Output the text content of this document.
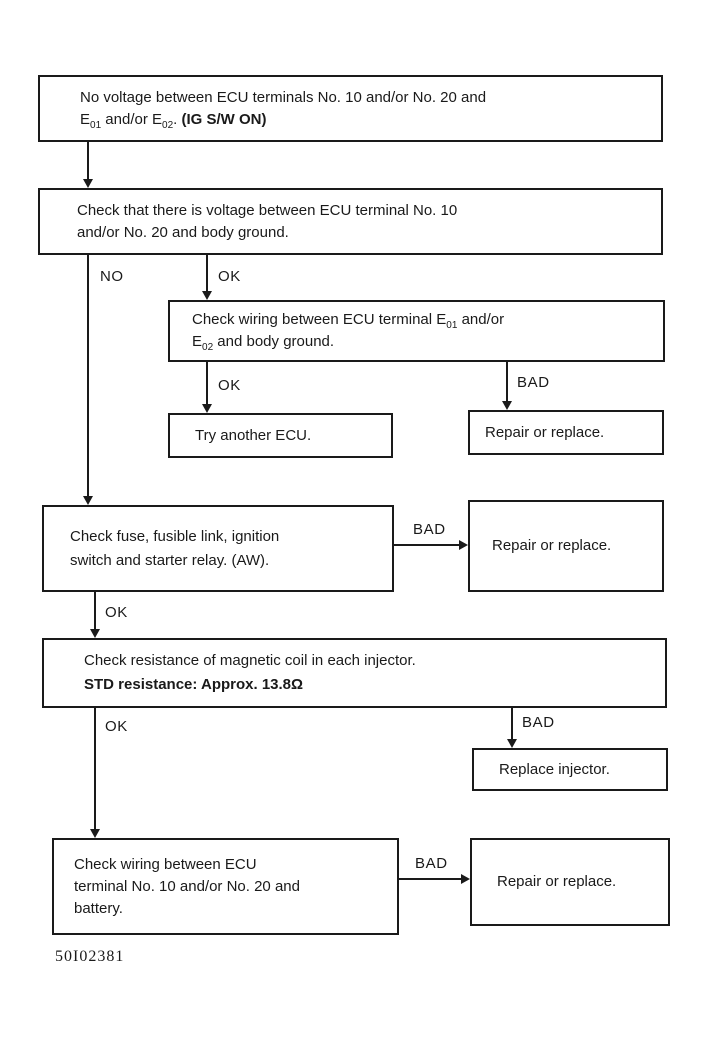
No voltage between ECU terminals No. 10 and/or No. 20 and
$E_{01}$ and/or $E_{02}$. (IG S/W ON)
Check that there is voltage between ECU terminal No. 10
and/or No. 20 and body ground.
NO	OK
Check wiring between ECU terminal $E_{01}$ and/or
$E_{02}$ and body ground.
OK	BAD
Try another ECU.	Repair or replace.
Check fuse, fusible link, ignition
switch and starter relay. (AW).
BAD
Repair or replace.
OK
Check resistance of magnetic coil in each injector.
STD resistance: Approx. 13.8Ω
OK	BAD
Replace injector.
Check wiring between ECU
terminal No. 10 and/or No. 20 and
battery.
BAD
Repair or replace.
50I02381
